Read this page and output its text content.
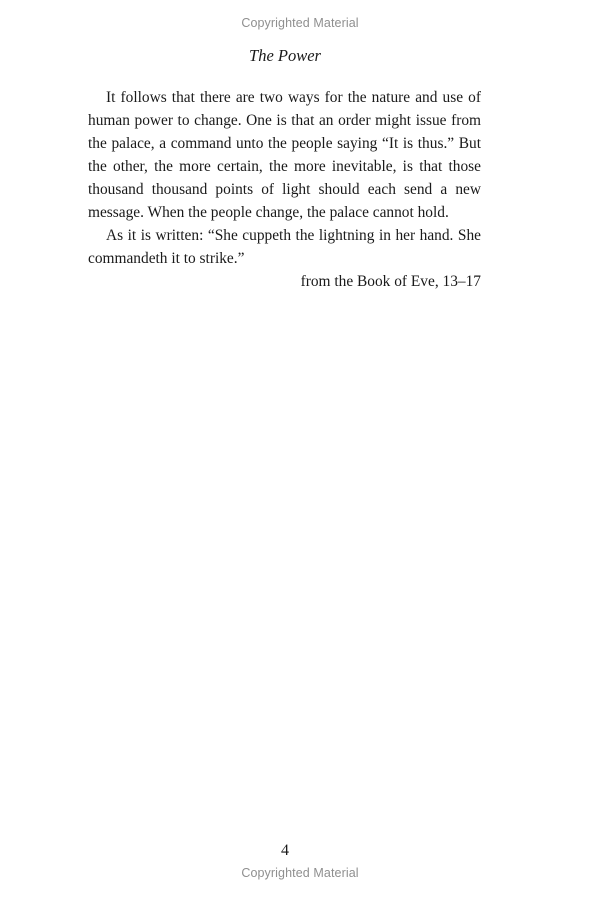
Copyrighted Material
The Power

It follows that there are two ways for the nature and use of human power to change. One is that an order might issue from the palace, a command unto the people saying “It is thus.” But the other, the more certain, the more inevitable, is that those thousand thousand points of light should each send a new message. When the people change, the palace cannot hold.

As it is written: “She cuppeth the lightning in her hand. She commandeth it to strike.”

from the Book of Eve, 13–17
4
Copyrighted Material
